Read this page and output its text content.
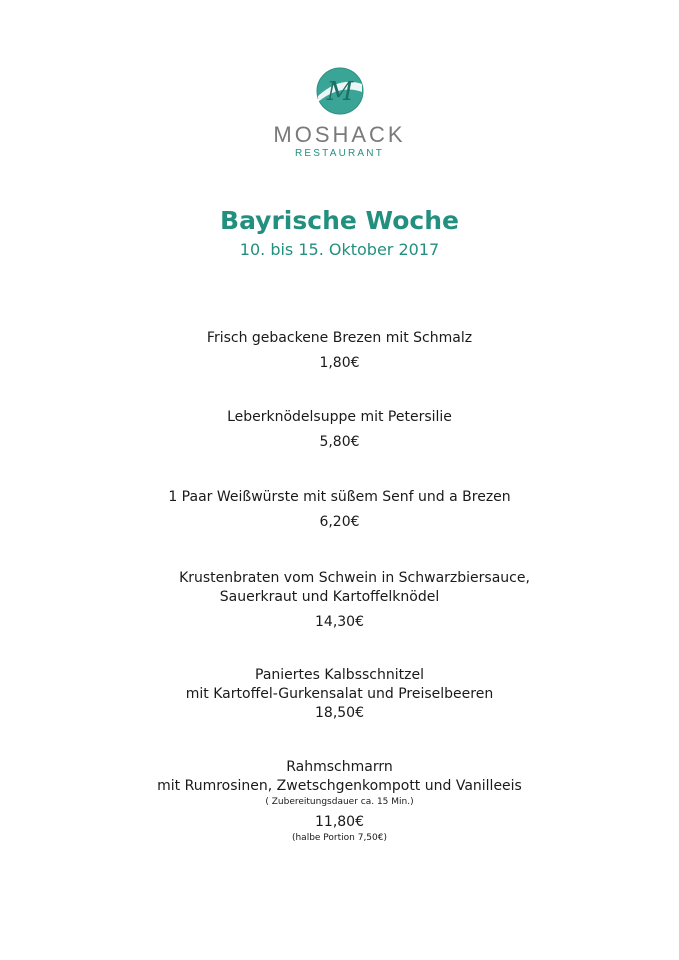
M
MOSHACK
RESTAURANT
Bayrische Woche
10. bis 15. Oktober 2017
Frisch gebackene Brezen mit Schmalz
1,80€
Leberknödelsuppe mit Petersilie
5,80€
1 Paar Weißwürste mit süßem Senf und a Brezen
6,20€
Krustenbraten vom Schwein in Schwarzbiersauce,
Sauerkraut und Kartoffelknödel
14,30€
Paniertes Kalbsschnitzel
mit Kartoffel-Gurkensalat und Preiselbeeren
18,50€
Rahmschmarrn
mit Rumrosinen, Zwetschgenkompott und Vanilleeis
( Zubereitungsdauer ca. 15 Min.)
11,80€
(halbe Portion 7,50€)
